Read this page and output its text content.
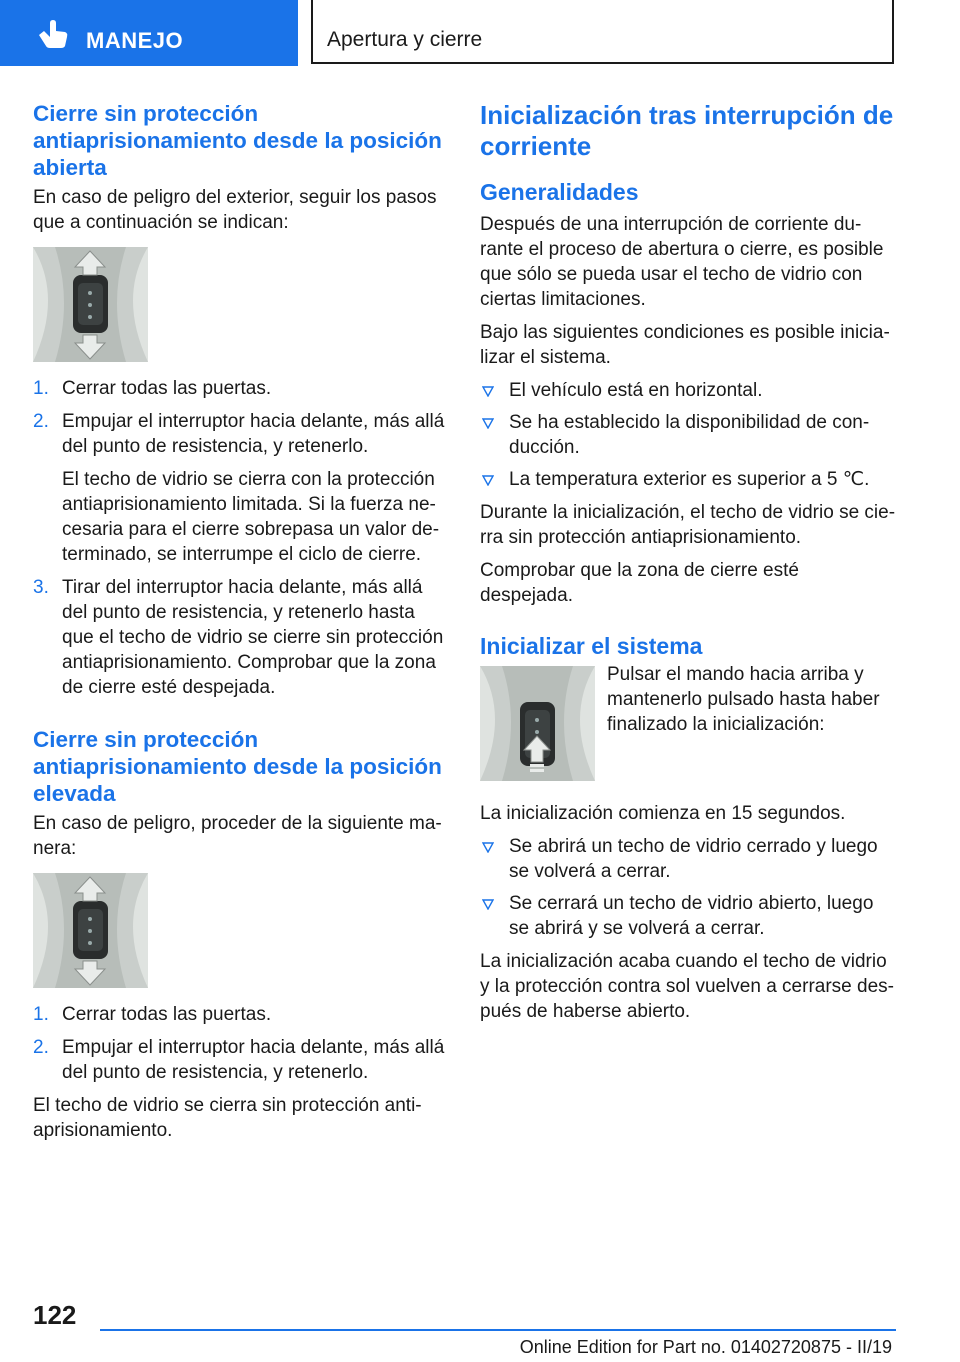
MANEJO	Apertura y cierre
Cierre sin protección antiaprisionamiento desde la posición abierta

En caso de peligro del exterior, seguir los pasos que a continuación se indican:

1. Cerrar todas las puertas.
2. Empujar el interruptor hacia delante, más allá del punto de resistencia, y retenerlo.

El techo de vidrio se cierra con la protección antiaprisionamiento limitada. Si la fuerza ne-cesaria para el cierre sobrepasa un valor de-terminado, se interrumpe el ciclo de cierre.

3. Tirar del interruptor hacia delante, más allá del punto de resistencia, y retenerlo hasta que el techo de vidrio se cierre sin protección antiaprisionamiento. Comprobar que la zona de cierre esté despejada.
Cierre sin protección antiaprisionamiento desde la posición elevada

En caso de peligro, proceder de la siguiente ma-nera:

1. Cerrar todas las puertas.
2. Empujar el interruptor hacia delante, más allá del punto de resistencia, y retenerlo.

El techo de vidrio se cierra sin protección anti-aprisionamiento.

Inicialización tras interrupción de corriente
Generalidades

Después de una interrupción de corriente du-rante el proceso de abertura o cierre, es posible que sólo se pueda usar el techo de vidrio con ciertas limitaciones.

Bajo las siguientes condiciones es posible inicia-lizar el sistema.

El vehículo está en horizontal.
Se ha establecido la disponibilidad de con-ducción.
La temperatura exterior es superior a 5 ℃.

Durante la inicialización, el techo de vidrio se cie-rra sin protección antiaprisionamiento.

Comprobar que la zona de cierre esté despejada.

Inicializar el sistema

Pulsar el mando hacia arriba y mantenerlo pulsado hasta haber finalizado la inicialización:

La inicialización comienza en 15 segundos.

Se abrirá un techo de vidrio cerrado y luego se volverá a cerrar.
Se cerrará un techo de vidrio abierto, luego se abrirá y se volverá a cerrar.

La inicialización acaba cuando el techo de vidrio y la protección contra sol vuelven a cerrarse des-pués de haberse abierto.

122
Online Edition for Part no. 01402720875 - II/19
